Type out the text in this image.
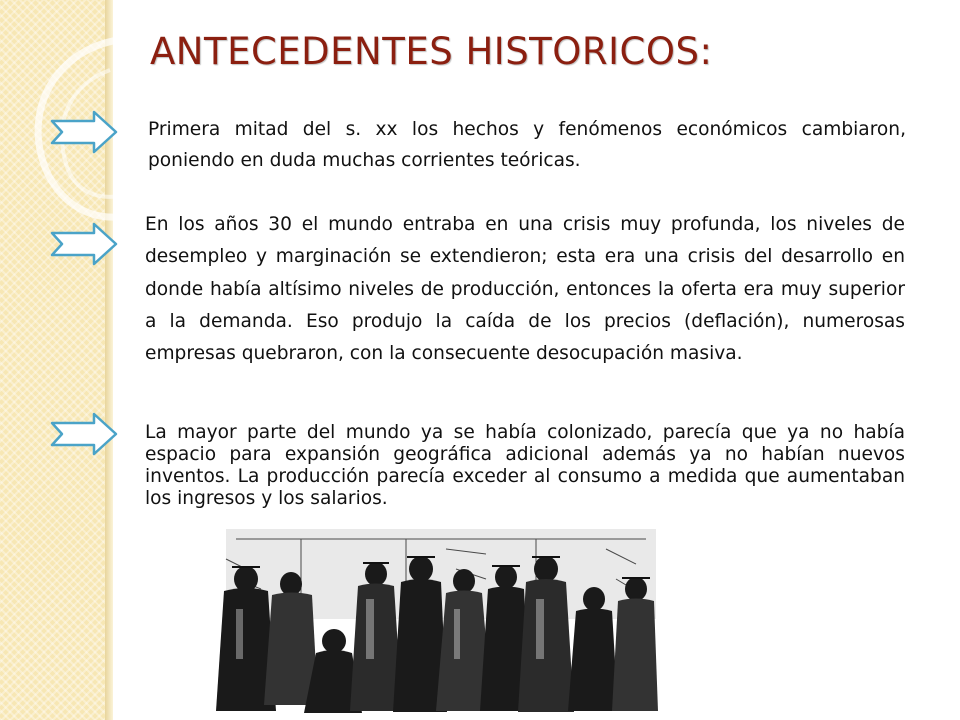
ANTECEDENTES HISTORICOS:

Primera mitad del s. xx los hechos y fenómenos económicos cambiaron, poniendo en duda muchas corrientes teóricas.

En los años 30 el mundo entraba en una crisis muy profunda, los niveles de desempleo y marginación se extendieron; esta era una crisis del desarrollo en donde había altísimo niveles de producción, entonces la oferta era muy superior a la demanda. Eso produjo la caída de los precios (deflación), numerosas empresas quebraron, con la consecuente desocupación masiva.

La mayor parte del mundo ya se había colonizado, parecía que ya no había espacio para expansión geográfica adicional además ya no habían nuevos inventos. La producción parecía exceder al consumo a medida que aumentaban los ingresos y los salarios.
